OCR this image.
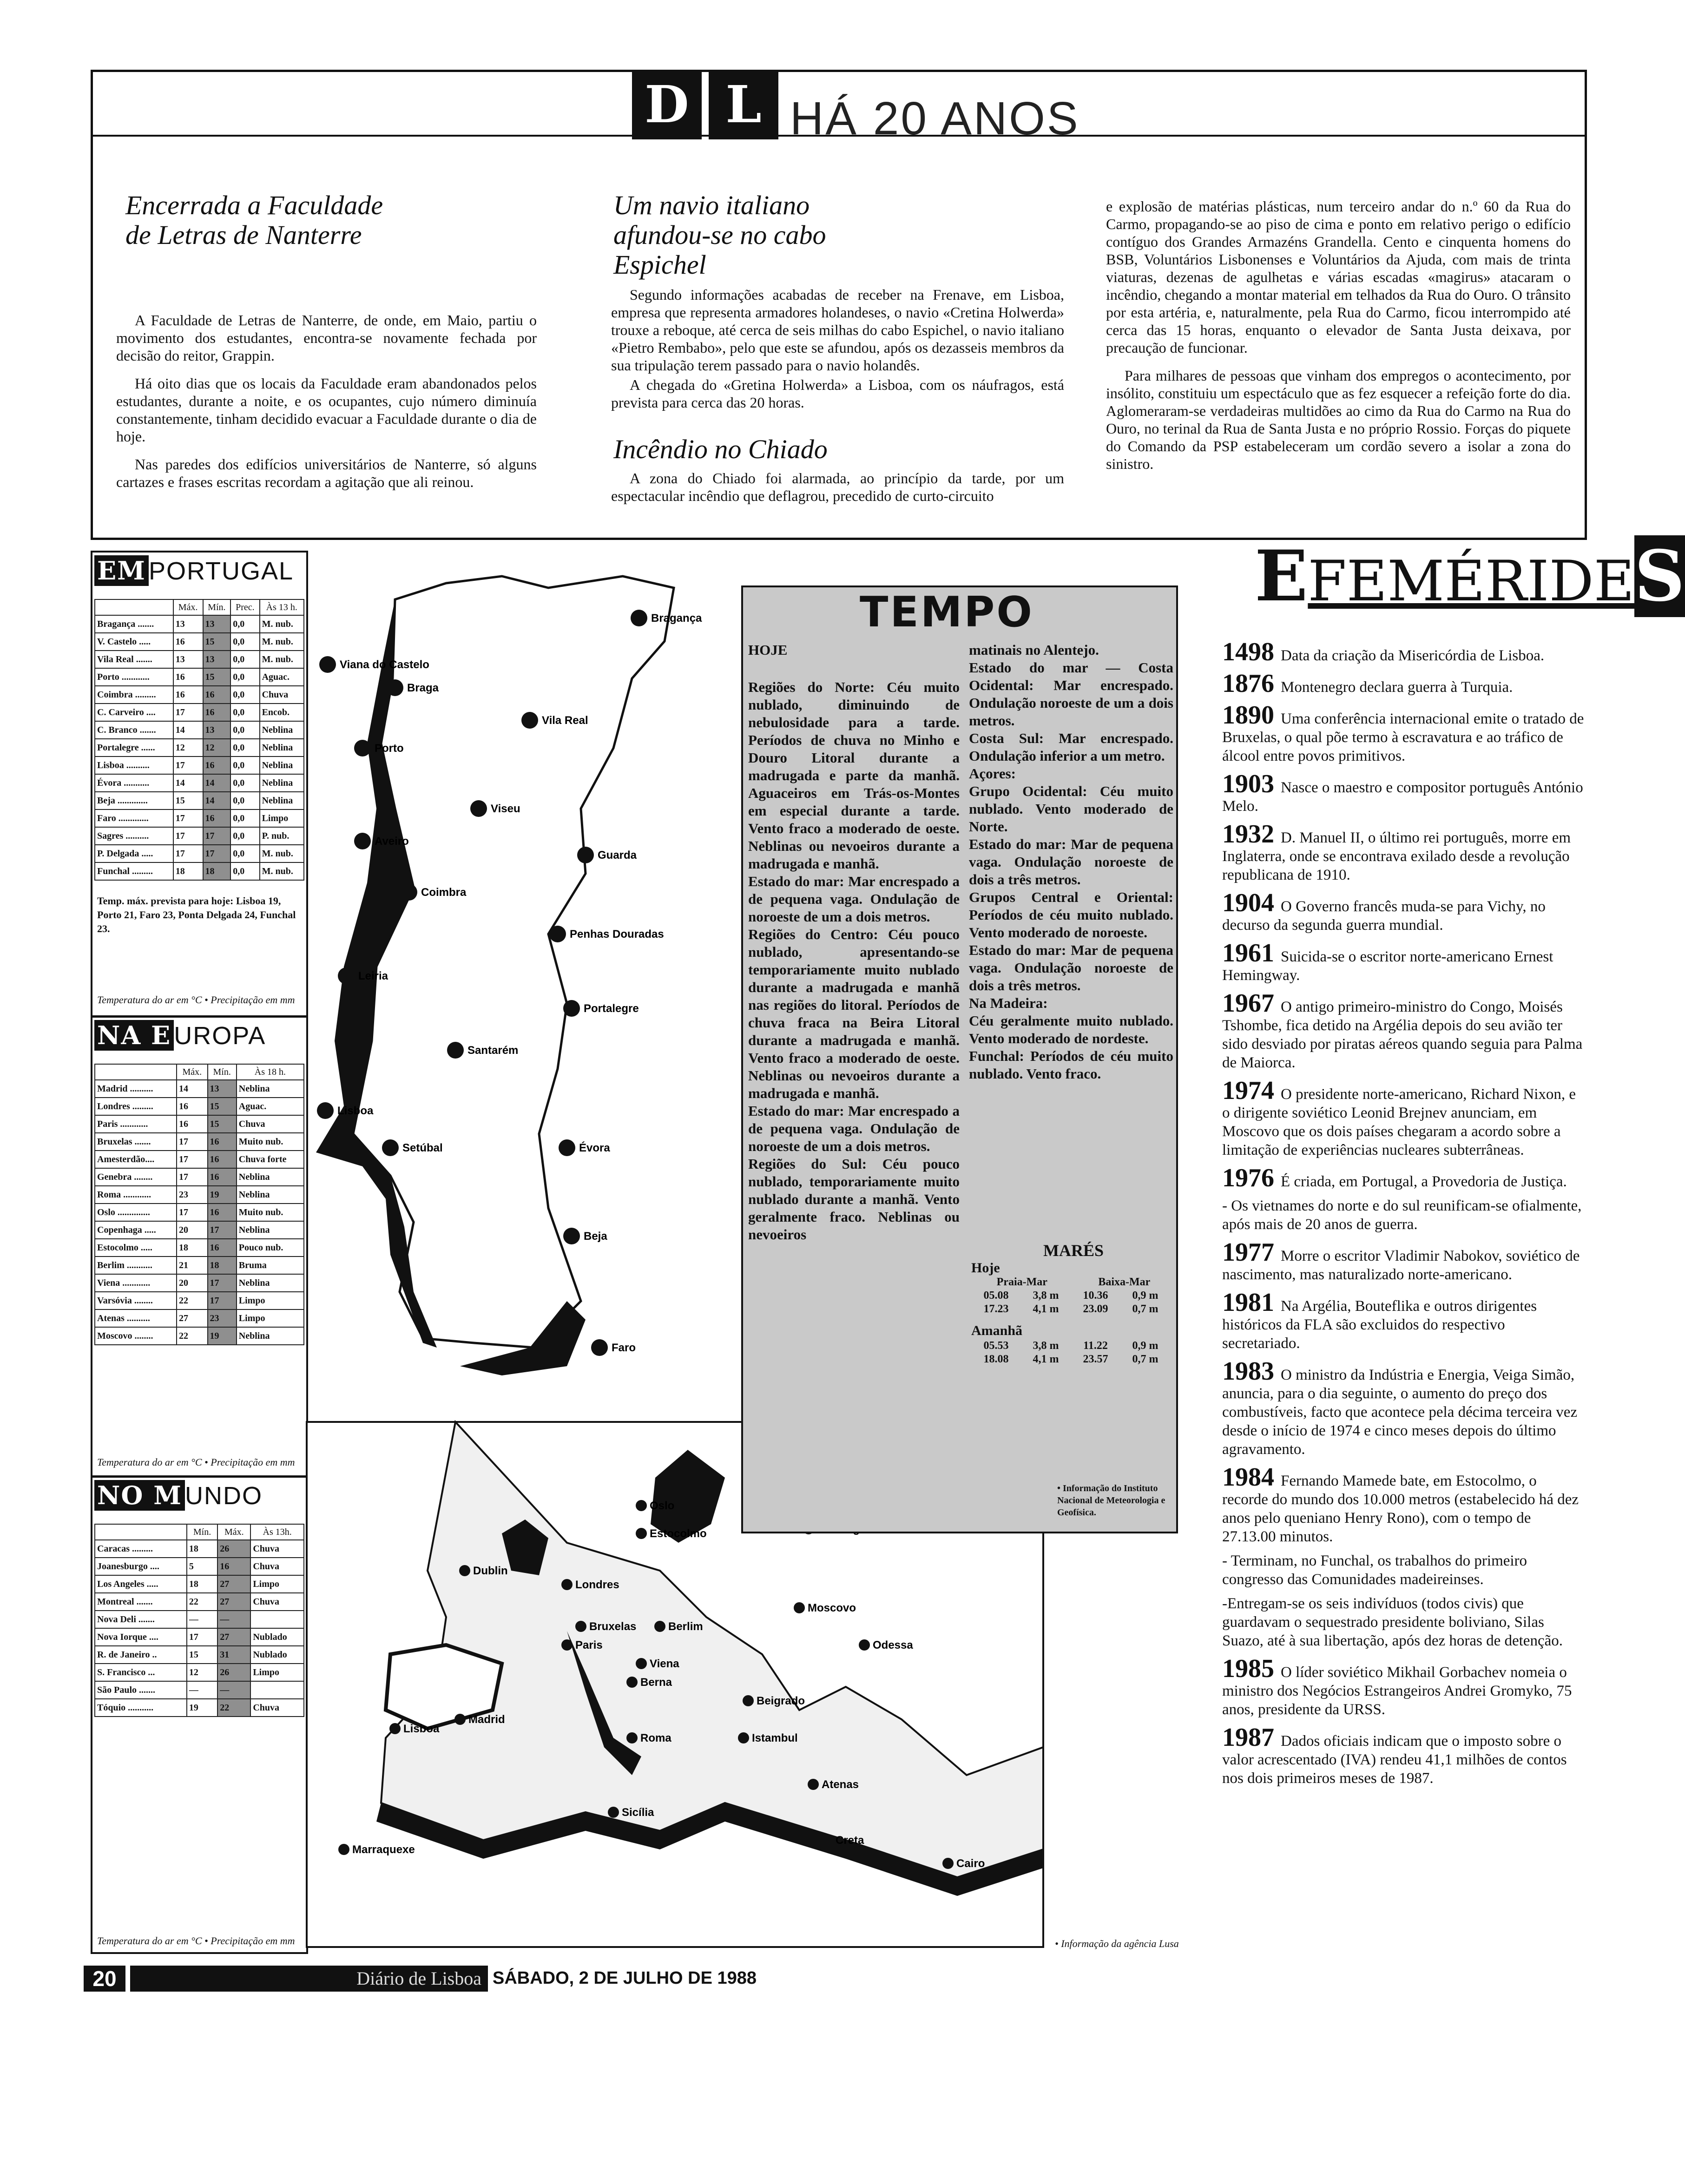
D L HÁ 20 ANOS
Encerrada a Faculdade de Letras de Nanterre

A Faculdade de Letras de Nanterre, de onde, em Maio, partiu o movimento dos estudantes, encontra-se novamente fechada por decisão do reitor, Grappin.

Há oito dias que os locais da Faculdade eram abandonados pelos estudantes, durante a noite, e os ocupantes, cujo número diminuía constantemente, tinham decidido evacuar a Faculdade durante o dia de hoje.

Nas paredes dos edifícios universitários de Nanterre, só alguns cartazes e frases escritas recordam a agitação que ali reinou.

Um navio italiano afundou-se no cabo Espichel

Segundo informações acabadas de receber na Frenave, em Lisboa, empresa que representa armadores holandeses, o navio «Cretina Holwerda» trouxe a reboque, até cerca de seis milhas do cabo Espichel, o navio italiano «Pietro Rembabo», pelo que este se afundou, após os dezasseis membros da sua tripulação terem passado para o navio holandês.

A chegada do «Gretina Holwerda» a Lisboa, com os náufragos, está prevista para cerca das 20 horas.

Incêndio no Chiado

A zona do Chiado foi alarmada, ao princípio da tarde, por um espectacular incêndio que deflagrou, precedido de curto-circuito

e explosão de matérias plásticas, num terceiro andar do n.º 60 da Rua do Carmo, propagando-se ao piso de cima e ponto em relativo perigo o edifício contíguo dos Grandes Armazéns Grandella. Cento e cinquenta homens do BSB, Voluntários Lisbonenses e Voluntários da Ajuda, com mais de trinta viaturas, dezenas de agulhetas e várias escadas «magirus» atacaram o incêndio, chegando a montar material em telhados da Rua do Ouro. O trânsito por esta artéria, e, naturalmente, pela Rua do Carmo, ficou interrompido até cerca das 15 horas, enquanto o elevador de Santa Justa deixava, por precaução de funcionar.

Para milhares de pessoas que vinham dos empregos o acontecimento, por insólito, constituiu um espectáculo que as fez esquecer a refeição forte do dia. Aglomeraram-se verdadeiras multidões ao cimo da Rua do Carmo na Rua do Ouro, no terinal da Rua de Santa Justa e no próprio Rossio. Forças do piquete do Comando da PSP estabeleceram um cordão severo a isolar a zona do sinistro.

EM PORTUGAL
	Máx.	Mín.	Prec.	Às 13 h.
Bragança .......	13	13	0,0	M. nub.
V. Castelo .....	16	15	0,0	M. nub.
Vila Real .......	13	13	0,0	M. nub.
Porto ............	16	15	0,0	Aguac.
Coimbra .........	16	16	0,0	Chuva
C. Carveiro ....	17	16	0,0	Encob.
C. Branco .......	14	13	0,0	Neblina
Portalegre ......	12	12	0,0	Neblina
Lisboa ..........	17	16	0,0	Neblina
Évora ...........	14	14	0,0	Neblina
Beja .............	15	14	0,0	Neblina
Faro .............	17	16	0,0	Limpo
Sagres ..........	17	17	0,0	P. nub.
P. Delgada .....	17	17	0,0	M. nub.
Funchal .........	18	18	0,0	M. nub.
Temp. máx. prevista para hoje: Lisboa 19, Porto 21, Faro 23, Ponta Delgada 24, Funchal 23.
Temperatura do ar em °C • Precipitação em mm
NA E UROPA
	Máx.	Mín.	Às 18 h.
Madrid ..........	14	13	Neblina
Londres .........	16	15	Aguac.
Paris ............	16	15	Chuva
Bruxelas .......	17	16	Muito nub.
Amesterdão....	17	16	Chuva forte
Genebra ........	17	16	Neblina
Roma ............	23	19	Neblina
Oslo ..............	17	16	Muito nub.
Copenhaga .....	20	17	Neblina
Estocolmo .....	18	16	Pouco nub.
Berlim ...........	21	18	Bruma
Viena ............	20	17	Neblina
Varsóvia ........	22	17	Limpo
Atenas ..........	27	23	Limpo
Moscovo ........	22	19	Neblina
Temperatura do ar em °C • Precipitação em mm
NO M UNDO
	Mín.	Máx.	Às 13h.
Caracas .........	18	26	Chuva
Joanesburgo ....	5	16	Chuva
Los Angeles .....	18	27	Limpo
Montreal .......	22	27	Chuva
Nova Deli .......	—	—	
Nova Iorque ....	17	27	Nublado
R. de Janeiro ..	15	31	Nublado
S. Francisco ...	12	26	Limpo
São Paulo .......	—	—	
Tóquio ...........	19	22	Chuva
Temperatura do ar em °C • Precipitação em mm
Bragança
Viana do Castelo
Braga
Vila Real
Porto
Viseu
Aveiro
Guarda
Coimbra
Penhas Douradas
Leiria
Portalegre
Santarém
Lisboa
Setúbal	Évora
Beja
Faro
Oslo
Estocolmo
Dublin
Londres
Moscovo
Bruxelas	Berlim
Paris	Odessa
Viena
Berna
Beigrado
Madrid
Lisboa
Roma	Istambul
Atenas
Sicília
Creta
Marraquexe
Cairo
• Informação da agência Lusa
TEMPO
HOJE
Regiões do Norte: Céu muito nublado, diminuindo de nebulosidade para a tarde. Períodos de chuva no Minho e Douro Litoral durante a madrugada e parte da manhã. Aguaceiros em Trás-os-Montes em especial durante a tarde. Vento fraco a moderado de oeste. Neblinas ou nevoeiros durante a madrugada e manhã.
Estado do mar: Mar encrespado a de pequena vaga. Ondulação de noroeste de um a dois metros.
Regiões do Centro: Céu pouco nublado, apresentando-se temporariamente muito nublado durante a madrugada e manhã nas regiões do litoral. Períodos de chuva fraca na Beira Litoral durante a madrugada e manhã. Vento fraco a moderado de oeste. Neblinas ou nevoeiros durante a madrugada e manhã.
Estado do mar: Mar encrespado a de pequena vaga. Ondulação de noroeste de um a dois metros.
Regiões do Sul: Céu pouco nublado, temporariamente muito nublado durante a manhã. Vento geralmente fraco. Neblinas ou nevoeiros
matinais no Alentejo.
Estado do mar — Costa Ocidental: Mar encrespado. Ondulação noroeste de um a dois metros.
Costa Sul: Mar encrespado. Ondulação inferior a um metro.
Açores:
Grupo Ocidental: Céu muito nublado. Vento moderado de Norte.
Estado do mar: Mar de pequena vaga. Ondulação noroeste de dois a três metros.
Grupos Central e Oriental: Períodos de céu muito nublado. Vento moderado de noroeste.
Estado do mar: Mar de pequena vaga. Ondulação noroeste de dois a três metros.
Na Madeira:
Céu geralmente muito nublado. Vento moderado de nordeste.
Funchal: Períodos de céu muito nublado. Vento fraco.
MARÉS
Hoje
Praia-Mar	Baixa-Mar
05.08	3,8 m	10.36	0,9 m
17.23	4,1 m	23.09	0,7 m
Amanhã
05.53	3,8 m	11.22	0,9 m
18.08	4,1 m	23.57	0,7 m
• Informação do Instituto Nacional de Meteorologia e Geofísica.
EFEMÉRIDES
1498 Data da criação da Misericórdia de Lisboa.
1876 Montenegro declara guerra à Turquia.
1890 Uma conferência internacional emite o tratado de Bruxelas, o qual põe termo à escravatura e ao tráfico de álcool entre povos primitivos.
1903 Nasce o maestro e compositor português António Melo.
1932 D. Manuel II, o último rei português, morre em Inglaterra, onde se encontrava exilado desde a revolução republicana de 1910.
1904 O Governo francês muda-se para Vichy, no decurso da segunda guerra mundial.
1961 Suicida-se o escritor norte-americano Ernest Hemingway.
1967 O antigo primeiro-ministro do Congo, Moisés Tshombe, fica detido na Argélia depois do seu avião ter sido desviado por piratas aéreos quando seguia para Palma de Maiorca.
1974 O presidente norte-americano, Richard Nixon, e o dirigente soviético Leonid Brejnev anunciam, em Moscovo que os dois países chegaram a acordo sobre a limitação de experiências nucleares subterrâneas.
1976 É criada, em Portugal, a Provedoria de Justiça.
- Os vietnames do norte e do sul reunificam-se ofialmente, após mais de 20 anos de guerra.
1977 Morre o escritor Vladimir Nabokov, soviético de nascimento, mas naturalizado norte-americano.
1981 Na Argélia, Bouteflika e outros dirigentes históricos da FLA são excluidos do respectivo secretariado.
1983 O ministro da Indústria e Energia, Veiga Simão, anuncia, para o dia seguinte, o aumento do preço dos combustíveis, facto que acontece pela décima terceira vez desde o início de 1974 e cinco meses depois do último agravamento.
1984 Fernando Mamede bate, em Estocolmo, o recorde do mundo dos 10.000 metros (estabelecido há dez anos pelo queniano Henry Rono), com o tempo de 27.13.00 minutos.
- Terminam, no Funchal, os trabalhos do primeiro congresso das Comunidades madeireinses.
-Entregam-se os seis indivíduos (todos civis) que guardavam o sequestrado presidente boliviano, Silas Suazo, até à sua libertação, após dez horas de detenção.
1985 O líder soviético Mikhail Gorbachev nomeia o ministro dos Negócios Estrangeiros Andrei Gromyko, 75 anos, presidente da URSS.
1987 Dados oficiais indicam que o imposto sobre o valor acrescentado (IVA) rendeu 41,1 milhões de contos nos dois primeiros meses de 1987.
20	Diário de Lisboa SÁBADO, 2 DE JULHO DE 1988
